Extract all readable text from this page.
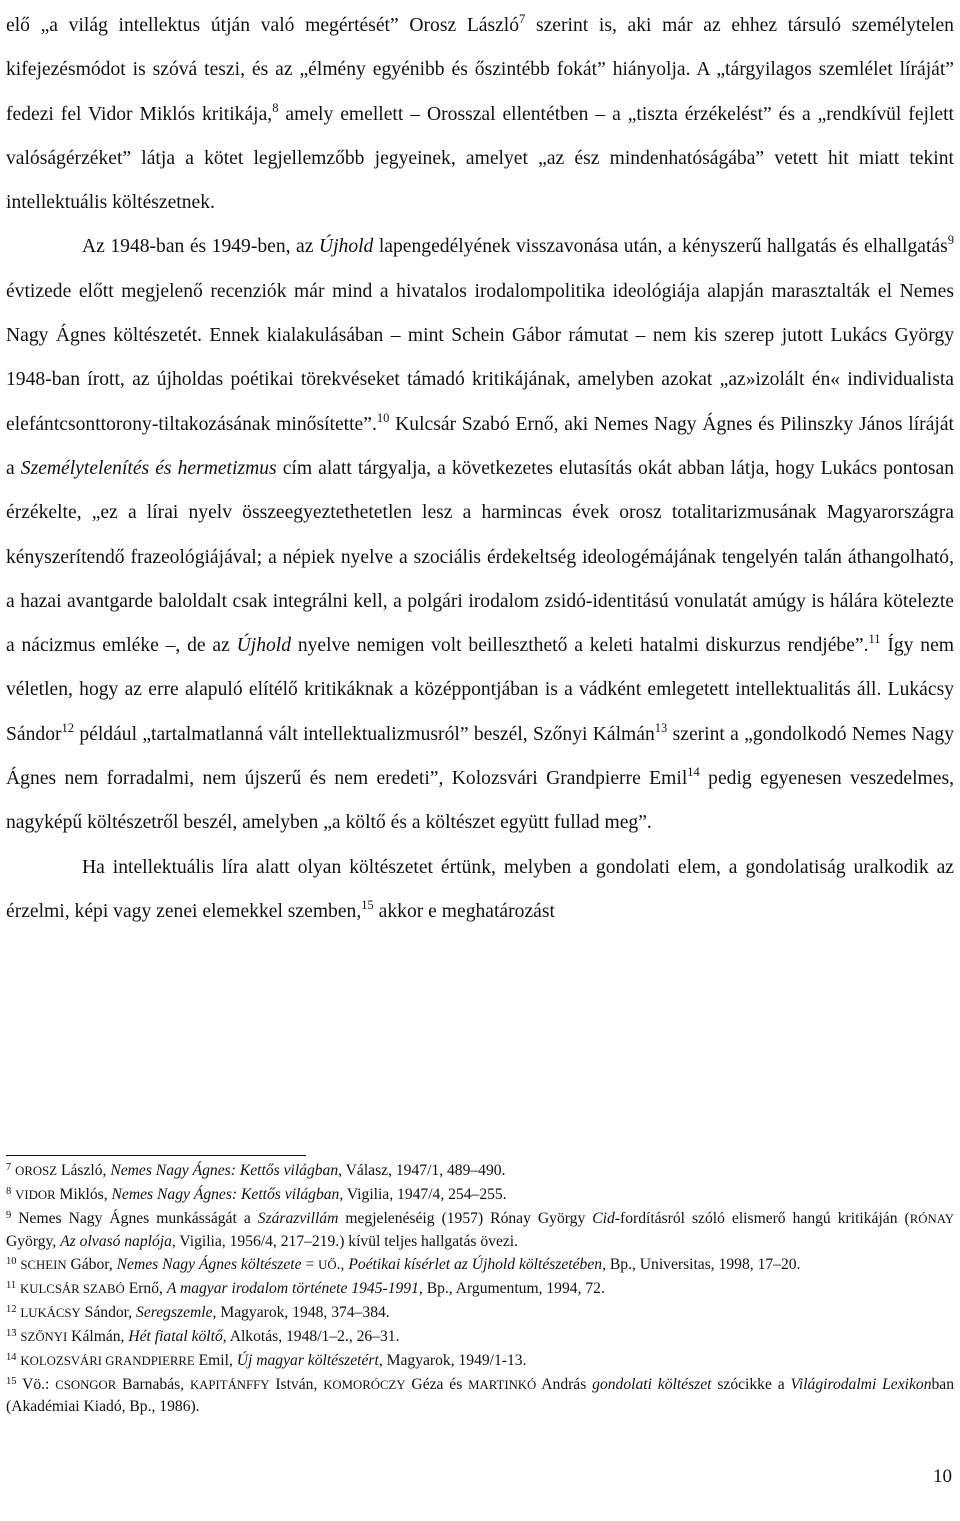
elő „a világ intellektus útján való megértését” Orosz László$^7$ szerint is, aki már az ehhez társuló személytelen kifejezésmódot is szóvá teszi, és az „élmény egyénibb és őszintébb fokát” hiányolja. A „tárgyilagos szemlélet líráját” fedezi fel Vidor Miklós kritikája,$^8$ amely emellett – Orosszal ellentétben – a „tiszta érzékelést” és a „rendkívül fejlett valóságérzéket” látja a kötet legjellemzőbb jegyeinek, amelyet „az ész mindenhatóságába” vetett hit miatt tekint intellektuális költészetnek.

Az 1948-ban és 1949-ben, az Újhold lapengedélyének visszavonása után, a kényszerű hallgatás és elhallgatás$^9$ évtizede előtt megjelenő recenziók már mind a hivatalos irodalompolitika ideológiája alapján marasztalták el Nemes Nagy Ágnes költészetét. Ennek kialakulásában – mint Schein Gábor rámutat – nem kis szerep jutott Lukács György 1948-ban írott, az újholdas poétikai törekvéseket támadó kritikájának, amelyben azokat „az»izolált én« individualista elefántcsonttorony-tiltakozásának minősítette”.$^{10}$ Kulcsár Szabó Ernő, aki Nemes Nagy Ágnes és Pilinszky János líráját a Személytelenítés és hermetizmus cím alatt tárgyalja, a következetes elutasítás okát abban látja, hogy Lukács pontosan érzékelte, „ez a lírai nyelv összeegyeztethetetlen lesz a harmincas évek orosz totalitarizmusának Magyarországra kényszerítendő frazeológiájával; a népiek nyelve a szociális érdekeltség ideologémájának tengelyén talán áthangolható, a hazai avantgarde baloldalt csak integrálni kell, a polgári irodalom zsidó-identitású vonulatát amúgy is hálára kötelezte a nácizmus emléke –, de az Újhold nyelve nemigen volt beilleszthető a keleti hatalmi diskurzus rendjébe”.$^{11}$ Így nem véletlen, hogy az erre alapuló elítélő kritikáknak a középpontjában is a vádként emlegetett intellektualitás áll. Lukácsy Sándor$^{12}$ például „tartalmatlanná vált intellektualizmusról” beszél, Szőnyi Kálmán$^{13}$ szerint a „gondolkodó Nemes Nagy Ágnes nem forradalmi, nem újszerű és nem eredeti”, Kolozsvári Grandpierre Emil$^{14}$ pedig egyenesen veszedelmes, nagyképű költészetről beszél, amelyben „a költő és a költészet együtt fullad meg”.

Ha intellektuális líra alatt olyan költészetet értünk, melyben a gondolati elem, a gondolatiság uralkodik az érzelmi, képi vagy zenei elemekkel szemben,$^{15}$ akkor e meghatározást

$^7$ OROSZ László, Nemes Nagy Ágnes: Kettős világban, Válasz, 1947/1, 489–490.

$^8$ VIDOR Miklós, Nemes Nagy Ágnes: Kettős világban, Vigilia, 1947/4, 254–255.

$^9$ Nemes Nagy Ágnes munkásságát a Szárazvillám megjelenéséig (1957) Rónay György Cid-fordításról szóló elismerő hangú kritikáján (RÓNAY György, Az olvasó naplója, Vigilia, 1956/4, 217–219.) kívül teljes hallgatás övezi.

$^{10}$ SCHEIN Gábor, Nemes Nagy Ágnes költészete = UŐ., Poétikai kísérlet az Újhold költészetében, Bp., Universitas, 1998, 17–20.

$^{11}$ KULCSÁR SZABÓ Ernő, A magyar irodalom története 1945-1991, Bp., Argumentum, 1994, 72.

$^{12}$ LUKÁCSY Sándor, Seregszemle, Magyarok, 1948, 374–384.

$^{13}$ SZŐNYI Kálmán, Hét fiatal költő, Alkotás, 1948/1–2., 26–31.

$^{14}$ KOLOZSVÁRI GRANDPIERRE Emil, Új magyar költészetért, Magyarok, 1949/1-13.

$^{15}$ Vö.: CSONGOR Barnabás, KAPITÁNFFY István, KOMORÓCZY Géza és MARTINKÓ András gondolati költészet szócikke a Világirodalmi Lexikonban (Akadémiai Kiadó, Bp., 1986).

10
